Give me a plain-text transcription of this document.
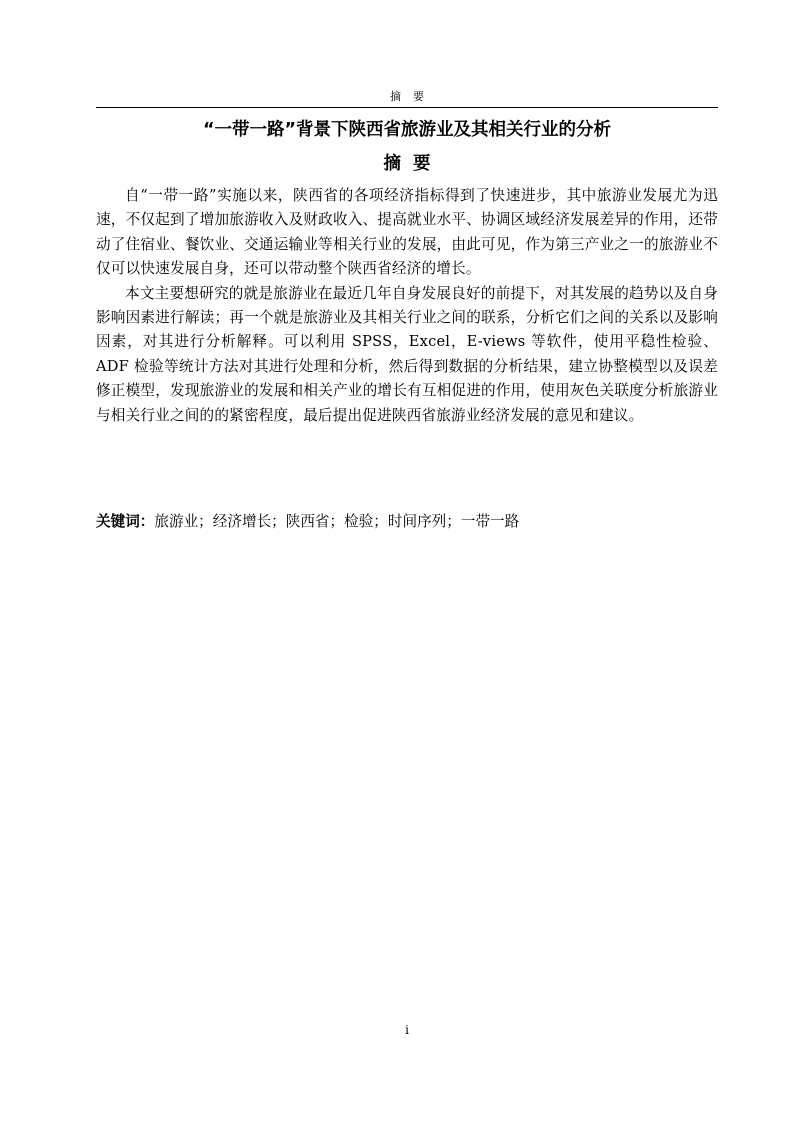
摘要
“一带一路”背景下陕西省旅游业及其相关行业的分析
摘要

自“一带一路”实施以来，陕西省的各项经济指标得到了快速进步，其中旅游业发展尤为迅速，不仅起到了增加旅游收入及财政收入、提高就业水平、协调区域经济发展差异的作用，还带动了住宿业、餐饮业、交通运输业等相关行业的发展，由此可见，作为第三产业之一的旅游业不仅可以快速发展自身，还可以带动整个陕西省经济的增长。

本文主要想研究的就是旅游业在最近几年自身发展良好的前提下，对其发展的趋势以及自身影响因素进行解读；再一个就是旅游业及其相关行业之间的联系，分析它们之间的关系以及影响因素，对其进行分析解释。可以利用 SPSS，Excel，E-views 等软件，使用平稳性检验、ADF 检验等统计方法对其进行处理和分析，然后得到数据的分析结果，建立协整模型以及误差修正模型，发现旅游业的发展和相关产业的增长有互相促进的作用，使用灰色关联度分析旅游业与相关行业之间的的紧密程度，最后提出促进陕西省旅游业经济发展的意见和建议。

关键词：旅游业；经济增长；陕西省；检验；时间序列；一带一路
i
